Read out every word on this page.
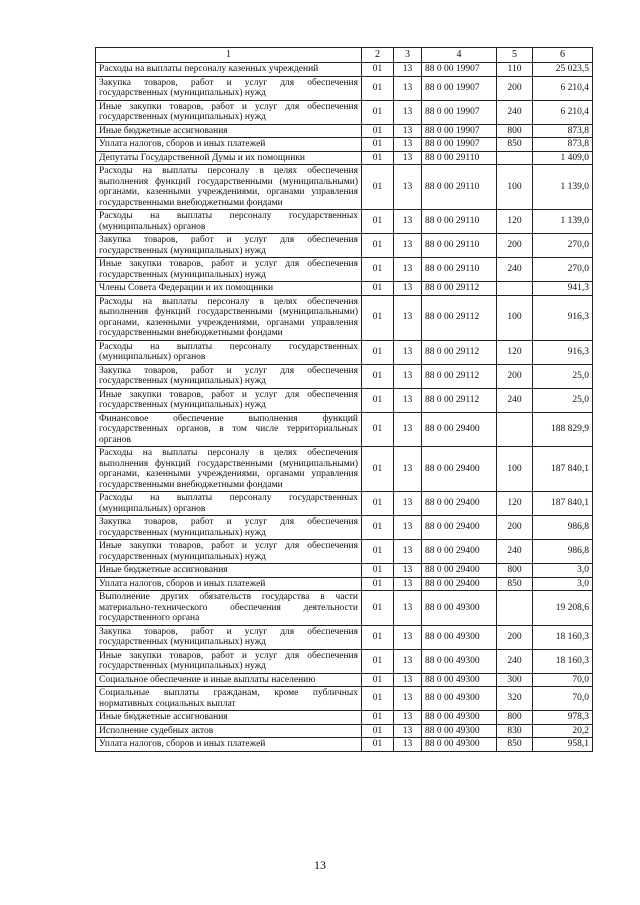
1	2	3	4	5	6
Расходы на выплаты персоналу казенных учреждений	01	13	88 0 00 19907	110	25 023,5
Закупка товаров, работ и услуг для обеспечения государственных (муниципальных) нужд	01	13	88 0 00 19907	200	6 210,4
Иные закупки товаров, работ и услуг для обеспечения государственных (муниципальных) нужд	01	13	88 0 00 19907	240	6 210,4
Иные бюджетные ассигнования	01	13	88 0 00 19907	800	873,8
Уплата налогов, сборов и иных платежей	01	13	88 0 00 19907	850	873,8
Депутаты Государственной Думы и их помощники	01	13	88 0 00 29110		1 409,0
Расходы на выплаты персоналу в целях обеспечения выполнения функций государственными (муниципальными) органами, казенными учреждениями, органами управления государственными внебюджетными фондами	01	13	88 0 00 29110	100	1 139,0
Расходы на выплаты персоналу государственных (муниципальных) органов	01	13	88 0 00 29110	120	1 139,0
Закупка товаров, работ и услуг для обеспечения государственных (муниципальных) нужд	01	13	88 0 00 29110	200	270,0
Иные закупки товаров, работ и услуг для обеспечения государственных (муниципальных) нужд	01	13	88 0 00 29110	240	270,0
Члены Совета Федерации и их помощники	01	13	88 0 00 29112		941,3
Расходы на выплаты персоналу в целях обеспечения выполнения функций государственными (муниципальными) органами, казенными учреждениями, органами управления государственными внебюджетными фондами	01	13	88 0 00 29112	100	916,3
Расходы на выплаты персоналу государственных (муниципальных) органов	01	13	88 0 00 29112	120	916,3
Закупка товаров, работ и услуг для обеспечения государственных (муниципальных) нужд	01	13	88 0 00 29112	200	25,0
Иные закупки товаров, работ и услуг для обеспечения государственных (муниципальных) нужд	01	13	88 0 00 29112	240	25,0
Финансовое обеспечение выполнения функций государственных органов, в том числе территориальных органов	01	13	88 0 00 29400		188 829,9
Расходы на выплаты персоналу в целях обеспечения выполнения функций государственными (муниципальными) органами, казенными учреждениями, органами управления государственными внебюджетными фондами	01	13	88 0 00 29400	100	187 840,1
Расходы на выплаты персоналу государственных (муниципальных) органов	01	13	88 0 00 29400	120	187 840,1
Закупка товаров, работ и услуг для обеспечения государственных (муниципальных) нужд	01	13	88 0 00 29400	200	986,8
Иные закупки товаров, работ и услуг для обеспечения государственных (муниципальных) нужд	01	13	88 0 00 29400	240	986,8
Иные бюджетные ассигнования	01	13	88 0 00 29400	800	3,0
Уплата налогов, сборов и иных платежей	01	13	88 0 00 29400	850	3,0
Выполнение других обязательств государства в части материально-технического обеспечения деятельности государственного органа	01	13	88 0 00 49300		19 208,6
Закупка товаров, работ и услуг для обеспечения государственных (муниципальных) нужд	01	13	88 0 00 49300	200	18 160,3
Иные закупки товаров, работ и услуг для обеспечения государственных (муниципальных) нужд	01	13	88 0 00 49300	240	18 160,3
Социальное обеспечение и иные выплаты населению	01	13	88 0 00 49300	300	70,0
Социальные выплаты гражданам, кроме публичных нормативных социальных выплат	01	13	88 0 00 49300	320	70,0
Иные бюджетные ассигнования	01	13	88 0 00 49300	800	978,3
Исполнение судебных актов	01	13	88 0 00 49300	830	20,2
Уплата налогов, сборов и иных платежей	01	13	88 0 00 49300	850	958,1
13
